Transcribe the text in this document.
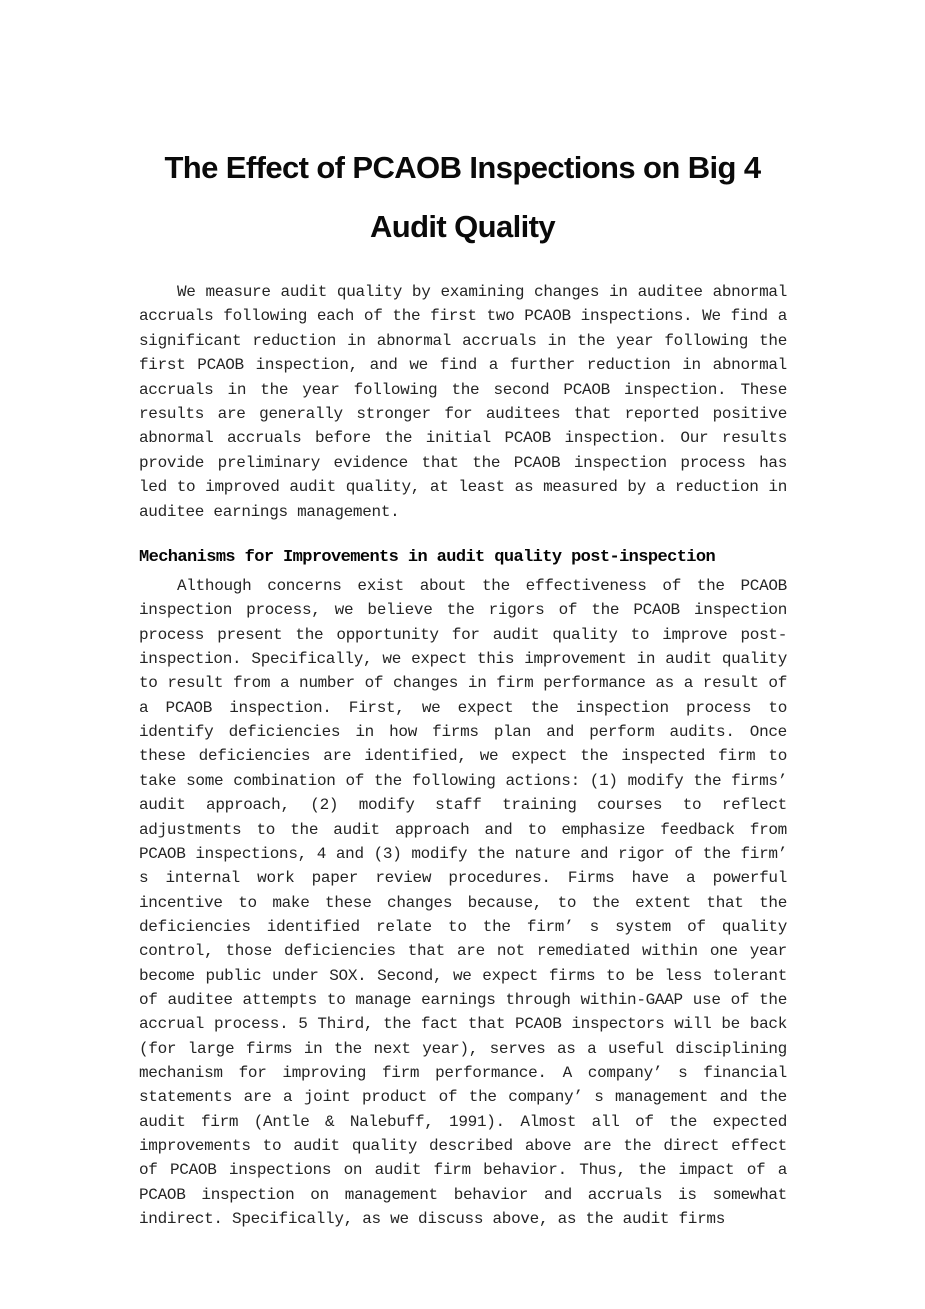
The Effect of PCAOB Inspections on Big 4
Audit Quality

We measure audit quality by examining changes in auditee abnormal accruals following each of the first two PCAOB inspections. We find a significant reduction in abnormal accruals in the year following the first PCAOB inspection, and we find a further reduction in abnormal accruals in the year following the second PCAOB inspection. These results are generally stronger for auditees that reported positive abnormal accruals before the initial PCAOB inspection. Our results provide preliminary evidence that the PCAOB inspection process has led to improved audit quality, at least as measured by a reduction in auditee earnings management.

Mechanisms for Improvements in audit quality post-inspection

Although concerns exist about the effectiveness of the PCAOB inspection process, we believe the rigors of the PCAOB inspection process present the opportunity for audit quality to improve post-inspection. Specifically, we expect this improvement in audit quality to result from a number of changes in firm performance as a result of a PCAOB inspection. First, we expect the inspection process to identify deficiencies in how firms plan and perform audits. Once these deficiencies are identified, we expect the inspected firm to take some combination of the following actions: (1) modify the firms’ audit approach, (2) modify staff training courses to reflect adjustments to the audit approach and to emphasize feedback from PCAOB inspections, 4 and (3) modify the nature and rigor of the firm’ s internal work paper review procedures. Firms have a powerful incentive to make these changes because, to the extent that the deficiencies identified relate to the firm’ s system of quality control, those deficiencies that are not remediated within one year become public under SOX. Second, we expect firms to be less tolerant of auditee attempts to manage earnings through within-GAAP use of the accrual process. 5 Third, the fact that PCAOB inspectors will be back (for large firms in the next year), serves as a useful disciplining mechanism for improving firm performance. A company’ s financial statements are a joint product of the company’ s management and the audit firm (Antle & Nalebuff, 1991). Almost all of the expected improvements to audit quality described above are the direct effect of PCAOB inspections on audit firm behavior. Thus, the impact of a PCAOB inspection on management behavior and accruals is somewhat indirect. Specifically, as we discuss above, as the audit firms
